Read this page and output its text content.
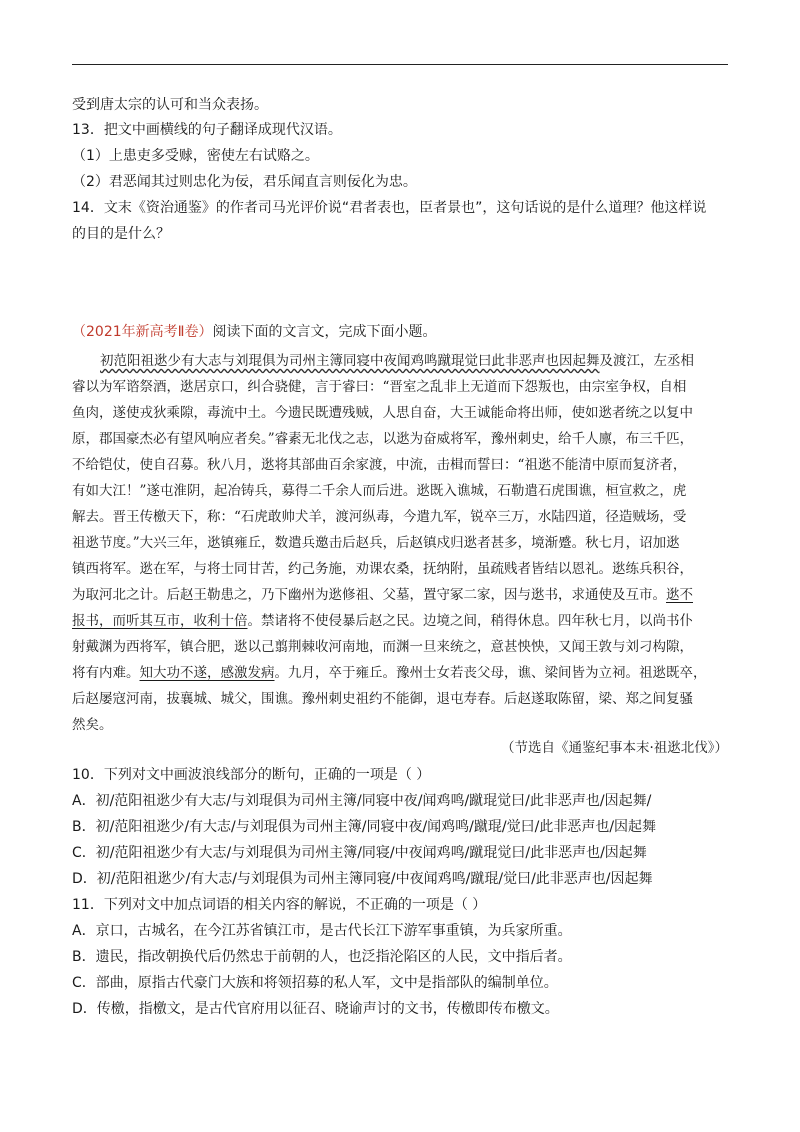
受到唐太宗的认可和当众表扬。
13．把文中画横线的句子翻译成现代汉语。
（1）上患吏多受赇，密使左右试赂之。
（2）君恶闻其过则忠化为佞，君乐闻直言则佞化为忠。
14．文末《资治通鉴》的作者司马光评价说“君者表也，臣者景也”，这句话说的是什么道理？他这样说
的目的是什么？
（2021年新高考Ⅱ卷）阅读下面的文言文，完成下面小题。

初范阳祖逖少有大志与刘琨俱为司州主簿同寝中夜闻鸡鸣蹴琨觉曰此非恶声也因起舞及渡江，左丞相

睿以为军谘祭酒，逖居京口，纠合骁健，言于睿曰：“晋室之乱非上无道而下怨叛也，由宗室争权，自相

鱼肉，遂使戎狄乘隙，毒流中土。今遗民既遭残贼，人思自奋，大王诚能命将出师，使如逖者统之以复中

原，郡国豪杰必有望风响应者矣。”睿素无北伐之志，以逖为奋威将军，豫州刺史，给千人廪，布三千匹，

不给铠仗，使自召募。秋八月，逖将其部曲百余家渡，中流，击楫而誓曰：“祖逖不能清中原而复济者，

有如大江！”遂屯淮阴，起冶铸兵，募得二千余人而后进。逖既入谯城，石勒遣石虎围谯，桓宣救之，虎

解去。晋王传檄天下，称：“石虎敢帅犬羊，渡河纵毒，今遣九军，锐卒三万，水陆四道，径造贼场，受

祖逖节度。”大兴三年，逖镇雍丘，数遣兵邀击后赵兵，后赵镇戍归逖者甚多，境渐蹙。秋七月，诏加逖

镇西将军。逖在军，与将士同甘苦，约己务施，劝课农桑，抚纳附，虽疏贱者皆结以恩礼。逖练兵积谷，

为取河北之计。后赵王勒患之，乃下幽州为逖修祖、父墓，置守冢二家，因与逖书，求通使及互市。逖不

报书，而听其互市，收利十倍。禁诸将不使侵暴后赵之民。边境之间，稍得休息。四年秋七月，以尚书仆

射戴渊为西将军，镇合肥，逖以己翦荆棘收河南地，而渊一旦来统之，意甚怏怏，又闻王敦与刘刁构隙，

将有内难。知大功不遂，感激发病。九月，卒于雍丘。豫州士女若丧父母，谯、梁间皆为立祠。祖逖既卒，

后赵屡寇河南，拔襄城、城父，围谯。豫州刺史祖约不能御，退屯寿春。后赵遂取陈留，梁、郑之间复骚

然矣。

（节选自《通鉴纪事本末·祖逖北伐》）
10．下列对文中画波浪线部分的断句，正确的一项是（ ）
A．初/范阳祖逖少有大志/与刘琨俱为司州主簿/同寝中夜/闻鸡鸣/蹴琨觉曰/此非恶声也/因起舞/
B．初/范阳祖逖少/有大志/与刘琨俱为司州主簿/同寝中夜/闻鸡鸣/蹴琨/觉曰/此非恶声也/因起舞
C．初/范阳祖逖少有大志/与刘琨俱为司州主簿/同寝/中夜闻鸡鸣/蹴琨觉曰/此非恶声也/因起舞
D．初/范阳祖逖少/有大志/与刘琨俱为司州主簿同寝/中夜闻鸡鸣/蹴琨/觉曰/此非恶声也/因起舞
11．下列对文中加点词语的相关内容的解说，不正确的一项是（ ）
A．京口，古城名，在今江苏省镇江市，是古代长江下游军事重镇，为兵家所重。
B．遗民，指改朝换代后仍然忠于前朝的人，也泛指沦陷区的人民，文中指后者。
C．部曲，原指古代豪门大族和将领招募的私人军，文中是指部队的编制单位。
D．传檄，指檄文，是古代官府用以征召、晓谕声讨的文书，传檄即传布檄文。
